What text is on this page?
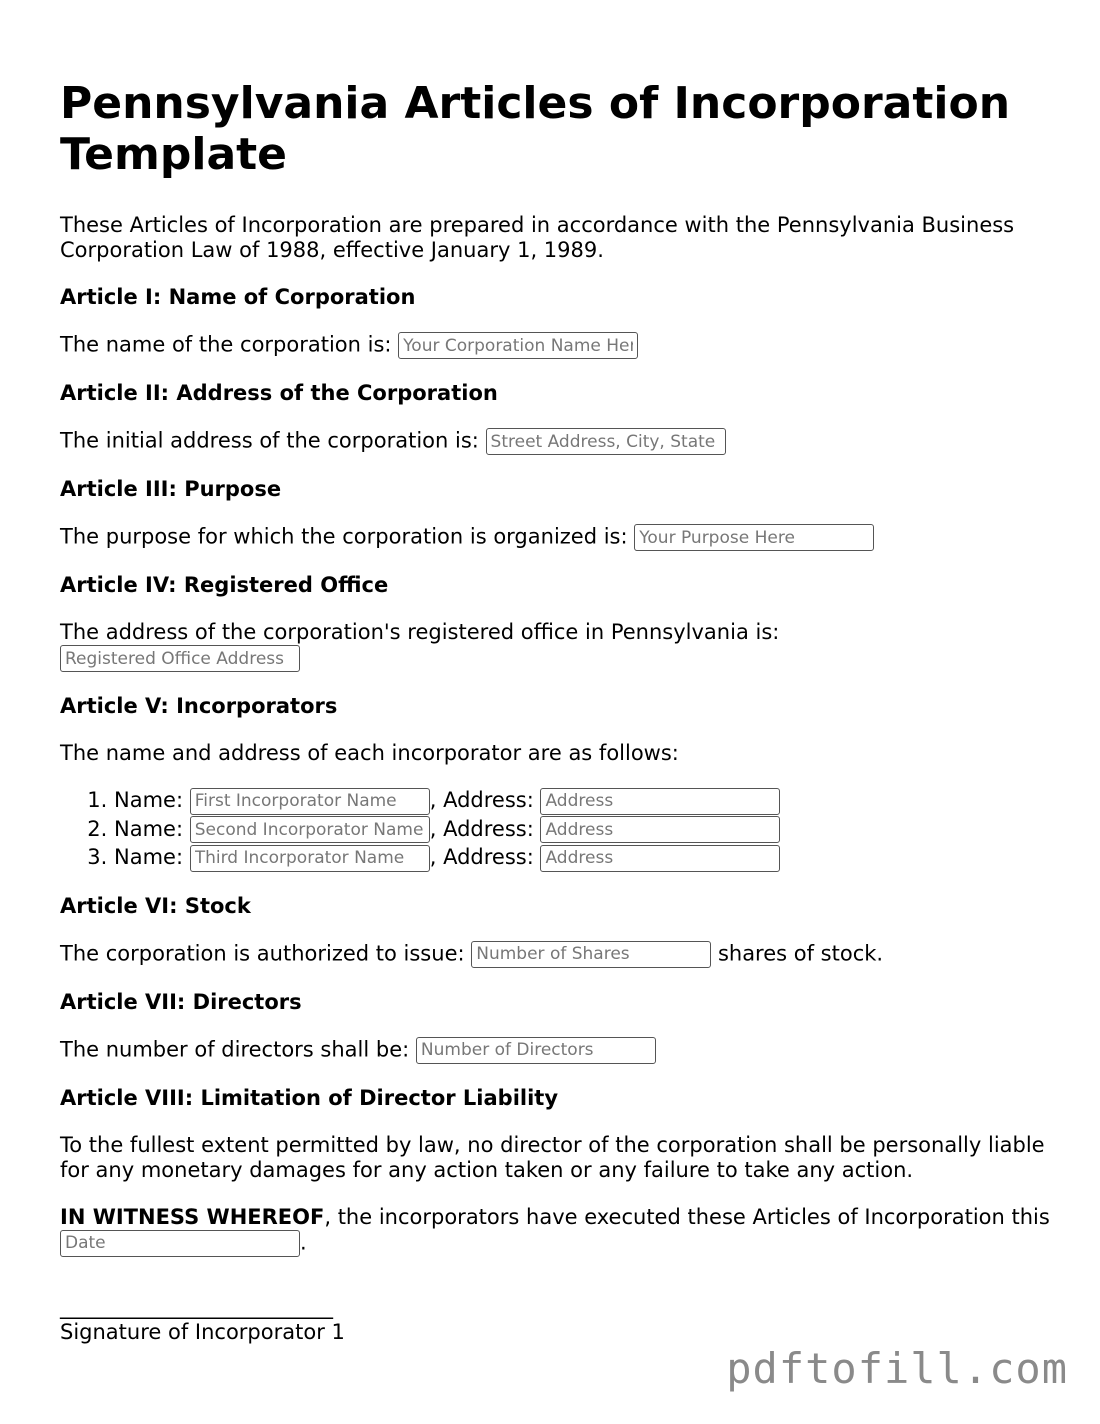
Pennsylvania Articles of Incorporation Template

These Articles of Incorporation are prepared in accordance with the Pennsylvania Business Corporation Law of 1988, effective January 1, 1989.

Article I: Name of Corporation

The name of the corporation is: Your Corporation Name Here

Article II: Address of the Corporation

The initial address of the corporation is: Street Address, City, State

Article III: Purpose

The purpose for which the corporation is organized is: Your Purpose Here

Article IV: Registered Office

The address of the corporation's registered office in Pennsylvania is:
Registered Office Address

Article V: Incorporators

The name and address of each incorporator are as follows:

1. Name: First Incorporator Name	, Address: Address
2. Name: Second Incorporator Name	, Address: Address
3. Name: Third Incorporator Name	, Address: Address
Article VI: Stock

The corporation is authorized to issue: Number of Shares	shares of stock.

Article VII: Directors

The number of directors shall be: Number of Directors

Article VIII: Limitation of Director Liability

To the fullest extent permitted by law, no director of the corporation shall be personally liable for any monetary damages for any action taken or any failure to take any action.

IN WITNESS WHEREOF, the incorporators have executed these Articles of Incorporation this Date.

__________________________
Signature of Incorporator 1
pdftofill.com
